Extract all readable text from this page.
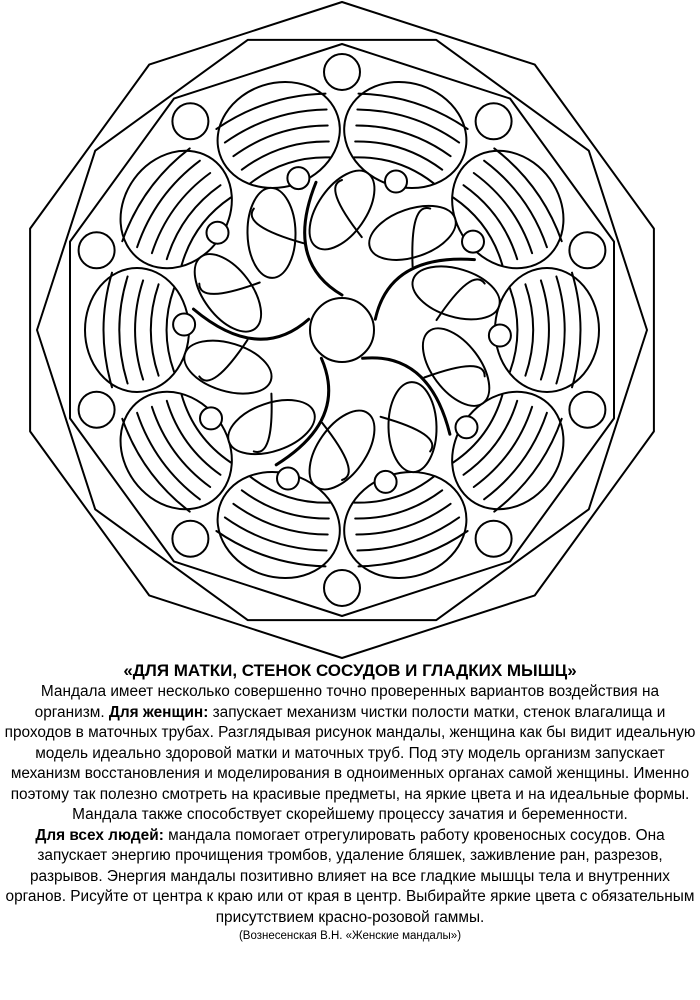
«ДЛЯ МАТКИ, СТЕНОК СОСУДОВ И ГЛАДКИХ МЫШЦ»

Мандала имеет несколько совершенно точно проверенных вариантов воздействия на организм. Для женщин: запускает механизм чистки полости матки, стенок влагалища и проходов в маточных трубах. Разглядывая рисунок мандалы, женщина как бы видит идеальную модель идеально здоровой матки и маточных труб. Под эту модель организм запускает механизм восстановления и моделирования в одноименных органах самой женщины. Именно поэтому так полезно смотреть на красивые предметы, на яркие цвета и на идеальные формы. Мандала также способствует скорейшему процессу зачатия и беременности.

Для всех людей: мандала помогает отрегулировать работу кровеносных сосудов. Она запускает энергию прочищения тромбов, удаление бляшек, заживление ран, разрезов, разрывов. Энергия мандалы позитивно влияет на все гладкие мышцы тела и внутренних органов. Рисуйте от центра к краю или от края в центр. Выбирайте яркие цвета с обязательным присутствием красно-розовой гаммы.

(Вознесенская В.Н. «Женские мандалы»)
